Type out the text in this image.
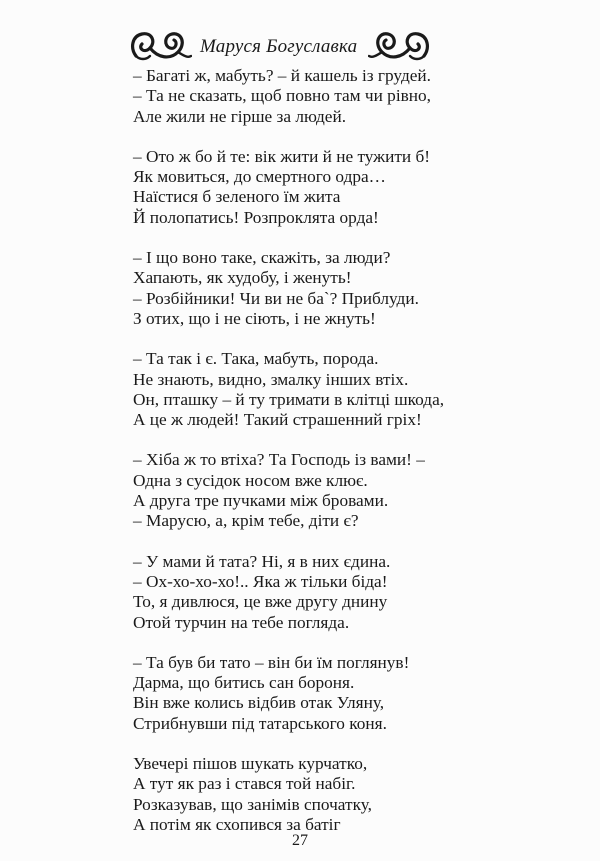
Маруся Богуславка
– Багаті ж, мабуть? – й кашель із грудей.
– Та не сказать, щоб повно там чи рівно,
Але жили не гірше за людей.
– Ото ж бо й те: вік жити й не тужити б!
Як мовиться, до смертного одра…
Наїстися б зеленого їм жита
Й полопатись! Розпроклята орда!
– І що воно таке, скажіть, за люди?
Хапають, як худобу, і женуть!
– Розбійники! Чи ви не ба`? Приблуди.
З отих, що і не сіють, і не жнуть!
– Та так і є. Така, мабуть, порода.
Не знають, видно, змалку інших втіх.
Он, пташку – й ту тримати в клітці шкода,
А це ж людей! Такий страшенний гріх!
– Хіба ж то втіха? Та Господь із вами! –
Одна з сусідок носом вже клює.
А друга тре пучками між бровами.
– Марусю, а, крім тебе, діти є?
– У мами й тата? Ні, я в них єдина.
– Ох-хо-хо-хо!.. Яка ж тільки біда!
То, я дивлюся, це вже другу днину
Отой турчин на тебе погляда.
– Та був би тато – він би їм поглянув!
Дарма, що битись сан бороня.
Він вже колись відбив отак Уляну,
Стрибнувши під татарського коня.
Увечері пішов шукать курчатко,
А тут як раз і стався той набіг.
Розказував, що занімів спочатку,
А потім як схопився за батіг
27
